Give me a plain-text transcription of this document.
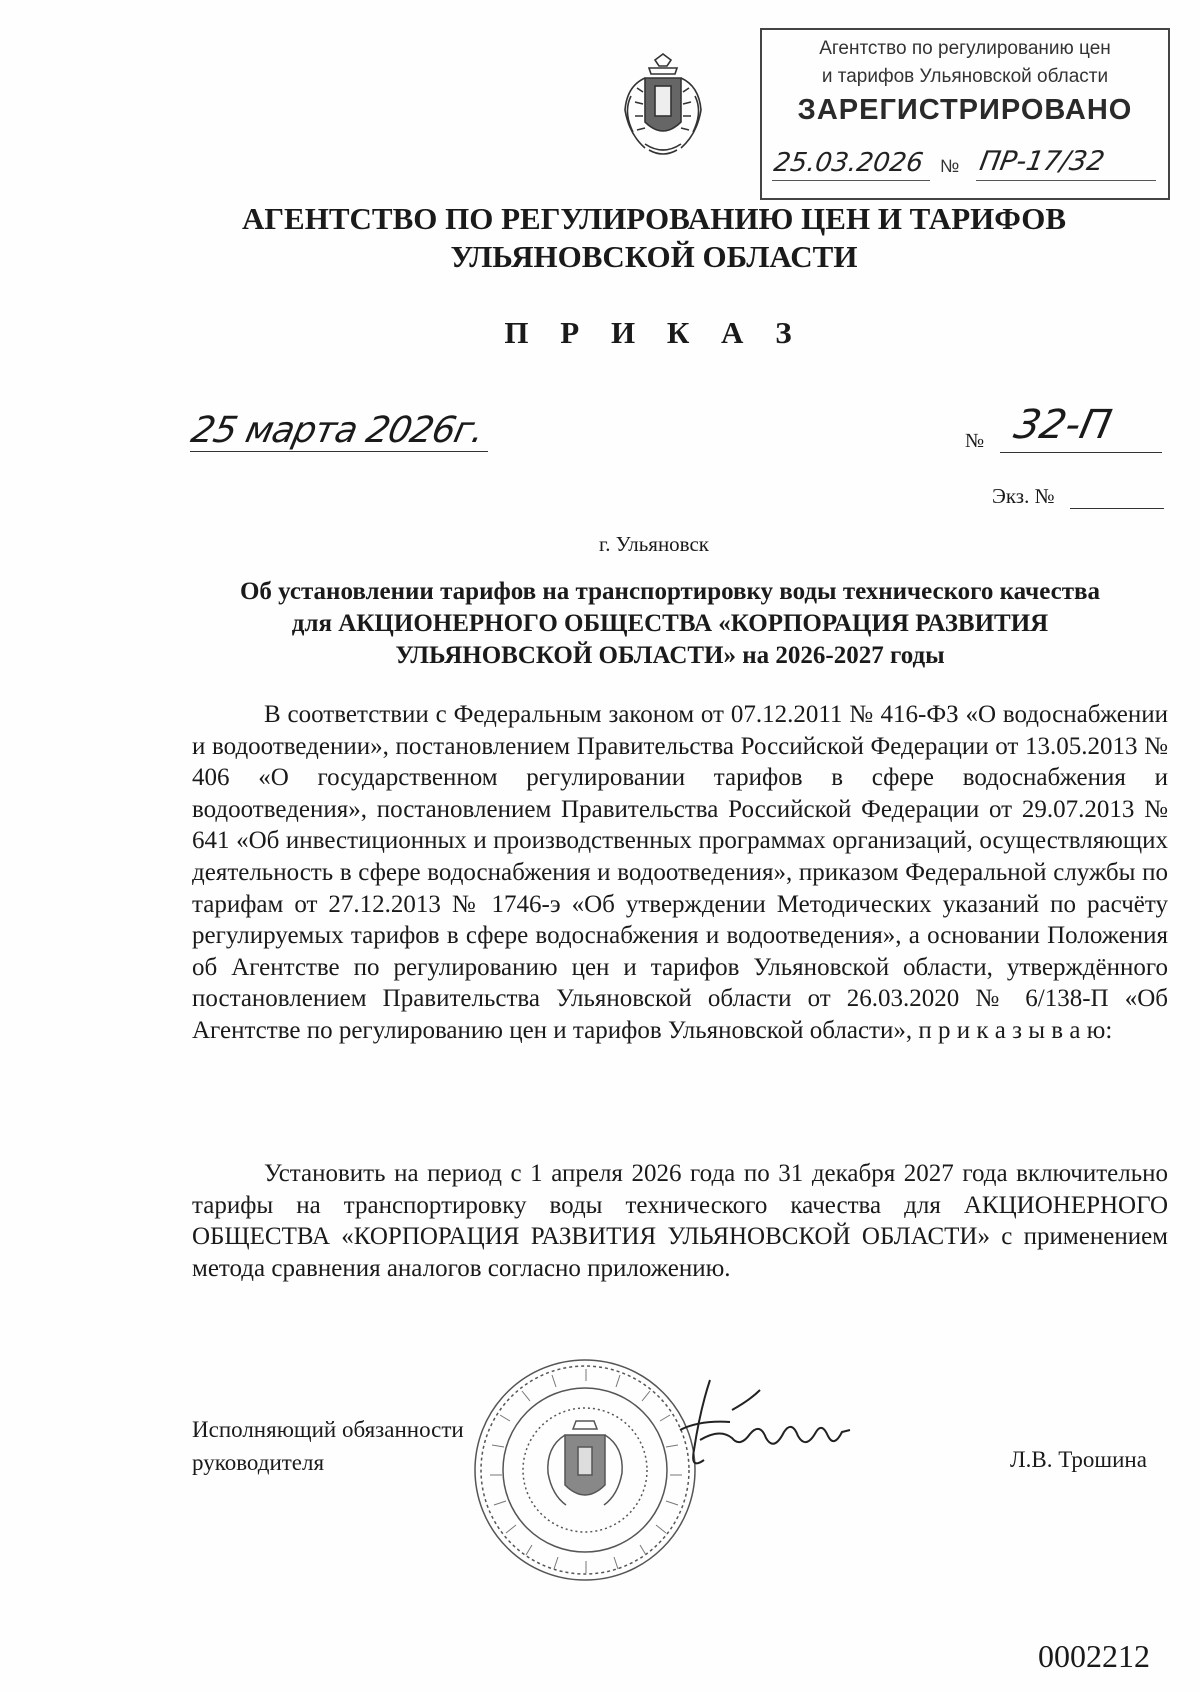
Агентство по регулированию цен
и тарифов Ульяновской области
ЗАРЕГИСТРИРОВАНО
25.03.2026 № ПР-17/32
АГЕНТСТВО ПО РЕГУЛИРОВАНИЮ ЦЕН И ТАРИФОВ
УЛЬЯНОВСКОЙ ОБЛАСТИ
П Р И К А З
25 марта 2026г.	№ 32-П
Экз. №
г. Ульяновск
Об установлении тарифов на транспортировку воды технического качества для АКЦИОНЕРНОГО ОБЩЕСТВА «КОРПОРАЦИЯ РАЗВИТИЯ УЛЬЯНОВСКОЙ ОБЛАСТИ» на 2026-2027 годы

В соответствии с Федеральным законом от 07.12.2011 № 416-ФЗ «О водоснабжении и водоотведении», постановлением Правительства Российской Федерации от 13.05.2013 № 406 «О государственном регулировании тарифов в сфере водоснабжения и водоотведения», постановлением Правительства Российской Федерации от 29.07.2013 № 641 «Об инвестиционных и производственных программах организаций, осуществляющих деятельность в сфере водоснабжения и водоотведения», приказом Федеральной службы по тарифам от 27.12.2013 № 1746-э «Об утверждении Методических указаний по расчёту регулируемых тарифов в сфере водоснабжения и водоотведения», а основании Положения об Агентстве по регулированию цен и тарифов Ульяновской области, утверждённого постановлением Правительства Ульяновской области от 26.03.2020 № 6/138-П «Об Агентстве по регулированию цен и тарифов Ульяновской области», п р и к а з ы в а ю:

Установить на период с 1 апреля 2026 года по 31 декабря 2027 года включительно тарифы на транспортировку воды технического качества для АКЦИОНЕРНОГО ОБЩЕСТВА «КОРПОРАЦИЯ РАЗВИТИЯ УЛЬЯНОВСКОЙ ОБЛАСТИ» с применением метода сравнения аналогов согласно приложению.

Исполняющий обязанности
руководителя	Л.В. Трошина
0002212
